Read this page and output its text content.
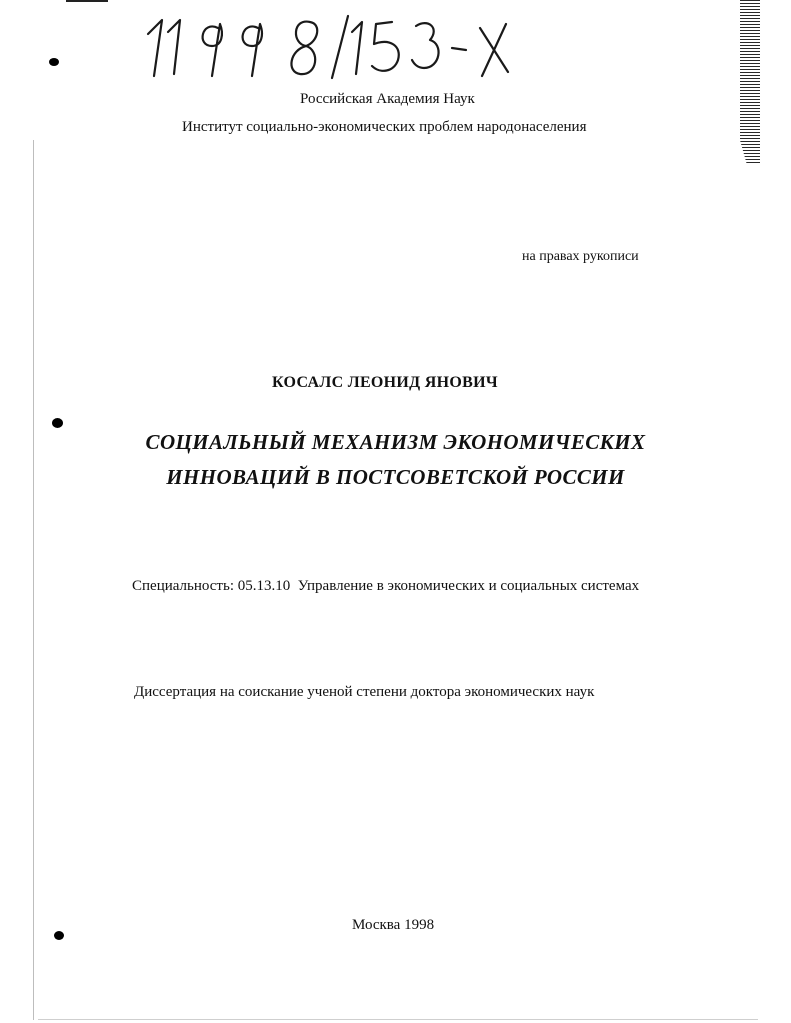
Российская Академия Наук
Институт социально-экономических проблем народонаселения
на правах рукописи
КОСАЛС ЛЕОНИД ЯНОВИЧ
СОЦИАЛЬНЫЙ МЕХАНИЗМ ЭКОНОМИЧЕСКИХ
ИННОВАЦИЙ В ПОСТСОВЕТСКОЙ РОССИИ
Специальность: 05.13.10  Управление в экономических и социальных системах
Диссертация на соискание ученой степени доктора экономических наук
Москва 1998
